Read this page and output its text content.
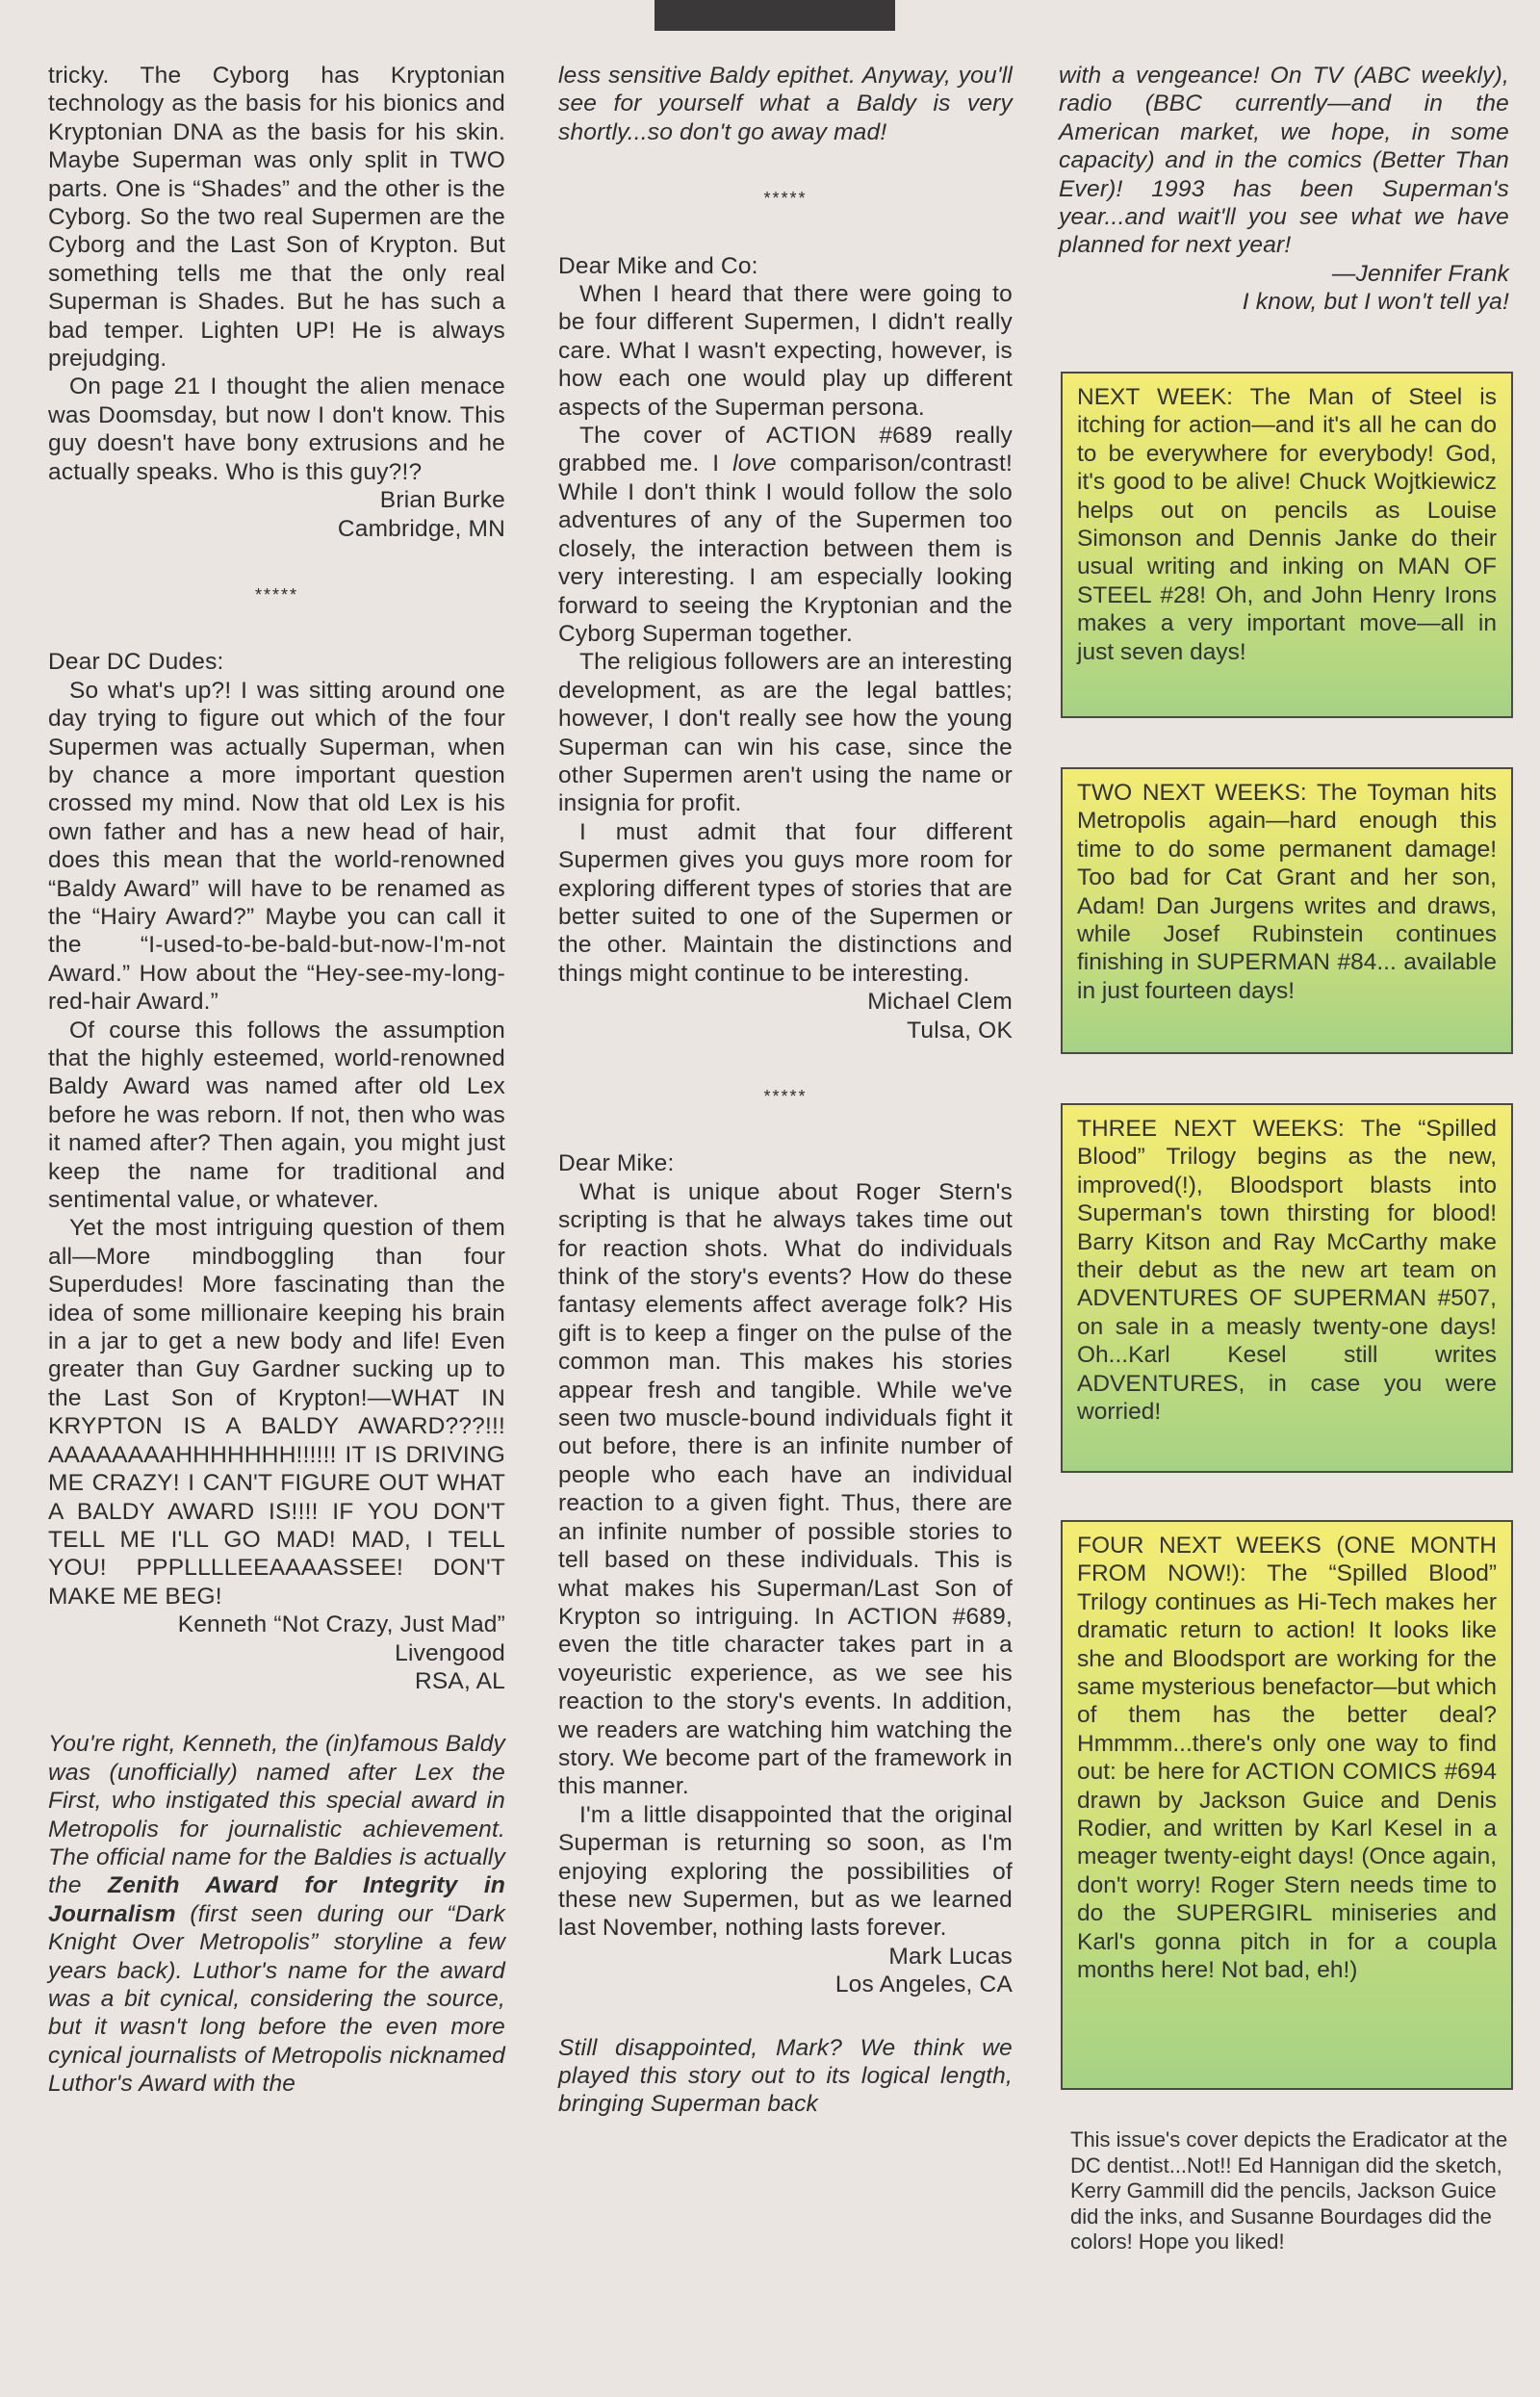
tricky. The Cyborg has Kryptonian technology as the basis for his bionics and Kryptonian DNA as the basis for his skin. Maybe Superman was only split in TWO parts. One is “Shades” and the other is the Cyborg. So the two real Supermen are the Cyborg and the Last Son of Krypton. But something tells me that the only real Superman is Shades. But he has such a bad temper. Lighten UP! He is always prejudging.

On page 21 I thought the alien menace was Doomsday, but now I don't know. This guy doesn't have bony extrusions and he actually speaks. Who is this guy?!?

Brian Burke
Cambridge, MN

*****

Dear DC Dudes:

So what's up?! I was sitting around one day trying to figure out which of the four Supermen was actually Superman, when by chance a more important question crossed my mind. Now that old Lex is his own father and has a new head of hair, does this mean that the world-renowned “Baldy Award” will have to be renamed as the “Hairy Award?” Maybe you can call it the “I-used-to-be-bald-but-now-I'm-not Award.” How about the “Hey-see-my-long-red-hair Award.”

Of course this follows the assumption that the highly esteemed, world-renowned Baldy Award was named after old Lex before he was reborn. If not, then who was it named after? Then again, you might just keep the name for traditional and sentimental value, or whatever.

Yet the most intriguing question of them all—More mindboggling than four Superdudes! More fascinating than the idea of some millionaire keeping his brain in a jar to get a new body and life! Even greater than Guy Gardner sucking up to the Last Son of Krypton!—WHAT IN KRYPTON IS A BALDY AWARD???!!! AAAAAAAAHHHHHHH!!!!!! IT IS DRIVING ME CRAZY! I CAN'T FIGURE OUT WHAT A BALDY AWARD IS!!!! IF YOU DON'T TELL ME I'LL GO MAD! MAD, I TELL YOU! PPPLLLLEEAAAASSEE! DON'T MAKE ME BEG!

Kenneth “Not Crazy, Just Mad”
Livengood
RSA, AL

You're right, Kenneth, the (in)famous Baldy was (unofficially) named after Lex the First, who instigated this special award in Metropolis for journalistic achievement. The official name for the Baldies is actually the Zenith Award for Integrity in Journalism (first seen during our “Dark Knight Over Metropolis” storyline a few years back). Luthor's name for the award was a bit cynical, considering the source, but it wasn't long before the even more cynical journalists of Metropolis nicknamed Luthor's Award with the

less sensitive Baldy epithet. Anyway, you'll see for yourself what a Baldy is very shortly...so don't go away mad!

*****

Dear Mike and Co:

When I heard that there were going to be four different Supermen, I didn't really care. What I wasn't expecting, however, is how each one would play up different aspects of the Superman persona.

The cover of ACTION #689 really grabbed me. I love comparison/contrast! While I don't think I would follow the solo adventures of any of the Supermen too closely, the interaction between them is very interesting. I am especially looking forward to seeing the Kryptonian and the Cyborg Superman together.

The religious followers are an interesting development, as are the legal battles; however, I don't really see how the young Superman can win his case, since the other Supermen aren't using the name or insignia for profit.

I must admit that four different Supermen gives you guys more room for exploring different types of stories that are better suited to one of the Supermen or the other. Maintain the distinctions and things might continue to be interesting.

Michael Clem
Tulsa, OK

*****

Dear Mike:

What is unique about Roger Stern's scripting is that he always takes time out for reaction shots. What do individuals think of the story's events? How do these fantasy elements affect average folk? His gift is to keep a finger on the pulse of the common man. This makes his stories appear fresh and tangible. While we've seen two muscle-bound individuals fight it out before, there is an infinite number of people who each have an individual reaction to a given fight. Thus, there are an infinite number of possible stories to tell based on these individuals. This is what makes his Superman/Last Son of Krypton so intriguing. In ACTION #689, even the title character takes part in a voyeuristic experience, as we see his reaction to the story's events. In addition, we readers are watching him watching the story. We become part of the framework in this manner.

I'm a little disappointed that the original Superman is returning so soon, as I'm enjoying exploring the possibilities of these new Supermen, but as we learned last November, nothing lasts forever.

Mark Lucas
Los Angeles, CA

Still disappointed, Mark? We think we played this story out to its logical length, bringing Superman back

with a vengeance! On TV (ABC weekly), radio (BBC currently—and in the American market, we hope, in some capacity) and in the comics (Better Than Ever)! 1993 has been Superman's year...and wait'll you see what we have planned for next year!

—Jennifer Frank
I know, but I won't tell ya!

NEXT WEEK: The Man of Steel is itching for action—and it's all he can do to be everywhere for everybody! God, it's good to be alive! Chuck Wojtkiewicz helps out on pencils as Louise Simonson and Dennis Janke do their usual writing and inking on MAN OF STEEL #28! Oh, and John Henry Irons makes a very important move—all in just seven days!
TWO NEXT WEEKS: The Toyman hits Metropolis again—hard enough this time to do some permanent damage! Too bad for Cat Grant and her son, Adam! Dan Jurgens writes and draws, while Josef Rubinstein continues finishing in SUPERMAN #84... available in just fourteen days!
THREE NEXT WEEKS: The “Spilled Blood” Trilogy begins as the new, improved(!), Bloodsport blasts into Superman's town thirsting for blood! Barry Kitson and Ray McCarthy make their debut as the new art team on ADVENTURES OF SUPERMAN #507, on sale in a measly twenty-one days! Oh...Karl Kesel still writes ADVENTURES, in case you were worried!
FOUR NEXT WEEKS (ONE MONTH FROM NOW!): The “Spilled Blood” Trilogy continues as Hi-Tech makes her dramatic return to action! It looks like she and Bloodsport are working for the same mysterious benefactor—but which of them has the better deal? Hmmmm...there's only one way to find out: be here for ACTION COMICS #694 drawn by Jackson Guice and Denis Rodier, and written by Karl Kesel in a meager twenty-eight days! (Once again, don't worry! Roger Stern needs time to do the SUPERGIRL miniseries and Karl's gonna pitch in for a coupla months here! Not bad, eh!)
This issue's cover depicts the Eradicator at the DC dentist...Not!! Ed Hannigan did the sketch, Kerry Gammill did the pencils, Jackson Guice did the inks, and Susanne Bourdages did the colors! Hope you liked!
